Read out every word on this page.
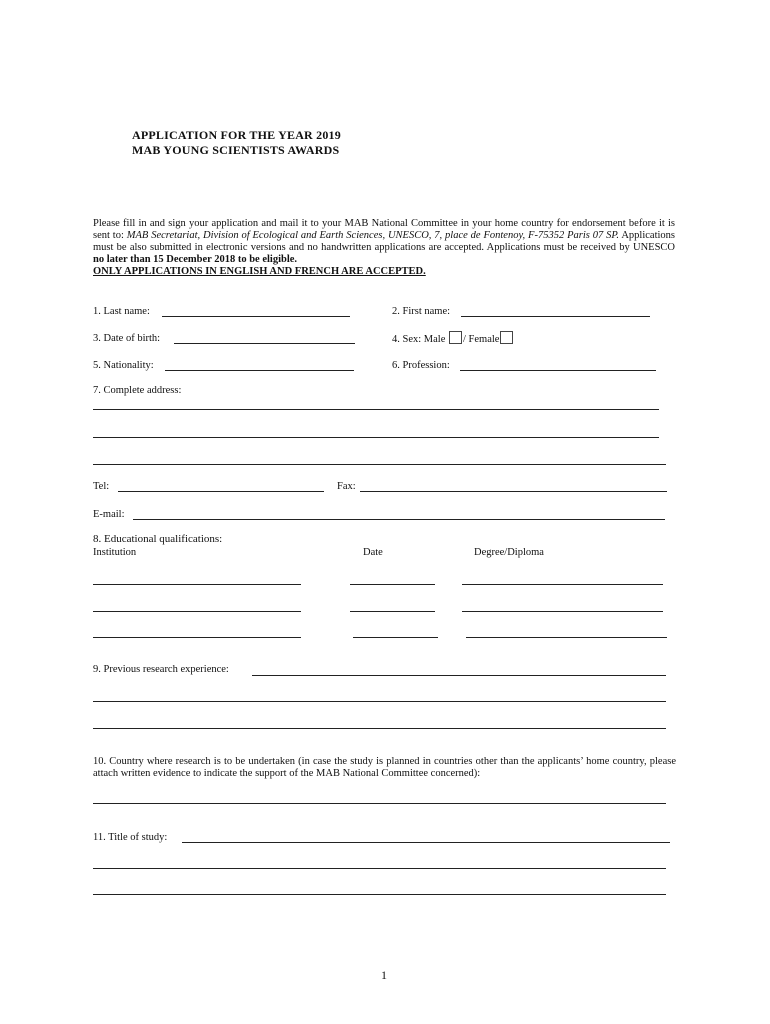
APPLICATION FOR THE YEAR 2019
MAB YOUNG SCIENTISTS AWARDS
Please fill in and sign your application and mail it to your MAB National Committee in your home country for endorsement before it is sent to: MAB Secretariat, Division of Ecological and Earth Sciences, UNESCO, 7, place de Fontenoy, F-75352 Paris 07 SP. Applications must be also submitted in electronic versions and no handwritten applications are accepted. Applications must be received by UNESCO no later than 15 December 2018 to be eligible.
ONLY APPLICATIONS IN ENGLISH AND FRENCH ARE ACCEPTED.
1. Last name:	2. First name:
3. Date of birth:	4. Sex: Male / Female
5. Nationality:	6. Profession:
7. Complete address:
Tel:	Fax:
E-mail:
8. Educational qualifications:
Institution	Date	Degree/Diploma
9. Previous research experience:
10. Country where research is to be undertaken (in case the study is planned in countries other than the applicants’ home country, please attach written evidence to indicate the support of the MAB National Committee concerned):
11. Title of study:
1
